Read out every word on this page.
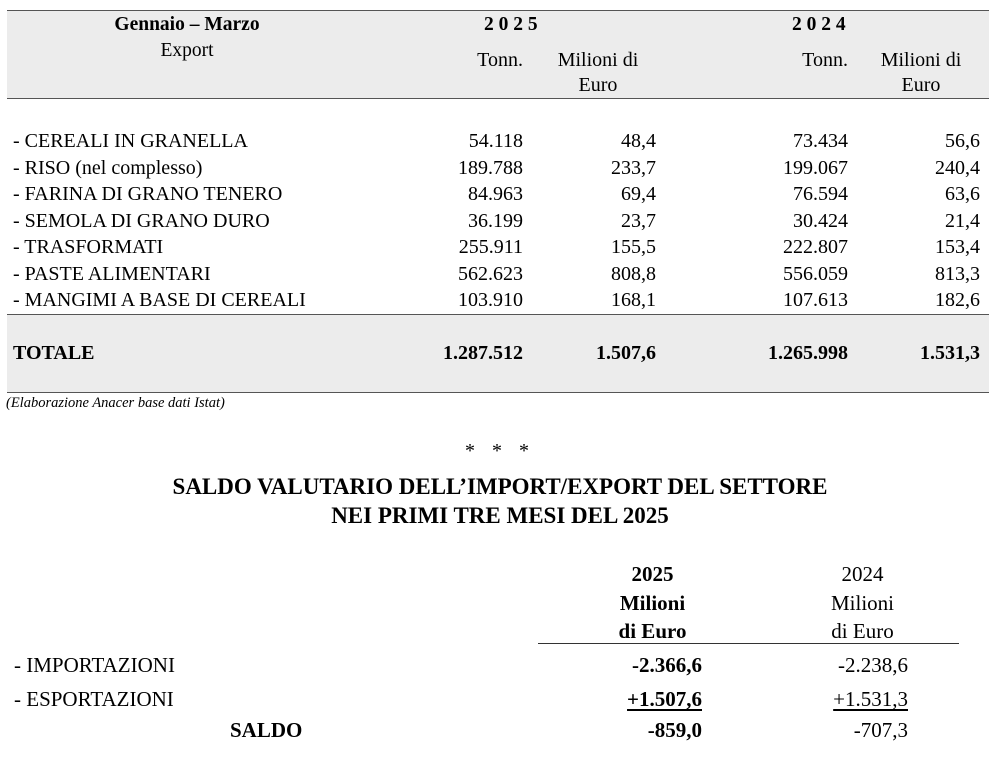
Gennaio – Marzo
Export
2 0 2 5	2 0 2 4
Tonn.	Milioni di
Euro
Tonn.	Milioni di
Euro
- CEREALI IN GRANELLA	54.118	48,4	73.434	56,6
- RISO (nel complesso)	189.788	233,7	199.067	240,4
- FARINA DI GRANO TENERO	84.963	69,4	76.594	63,6
- SEMOLA DI GRANO DURO	36.199	23,7	30.424	21,4
- TRASFORMATI	255.911	155,5	222.807	153,4
- PASTE ALIMENTARI	562.623	808,8	556.059	813,3
- MANGIMI A BASE DI CEREALI	103.910	168,1	107.613	182,6
TOTALE	1.287.512	1.507,6	1.265.998	1.531,3
(Elaborazione Anacer base dati Istat)
* * *
SALDO VALUTARIO DELL’IMPORT/EXPORT DEL SETTORE
NEI PRIMI TRE MESI DEL 2025
2025
Milioni
di Euro
2024
Milioni
di Euro
- IMPORTAZIONI	-2.366,6	-2.238,6
- ESPORTAZIONI	+1.507,6	+1.531,3
SALDO	-859,0	-707,3
